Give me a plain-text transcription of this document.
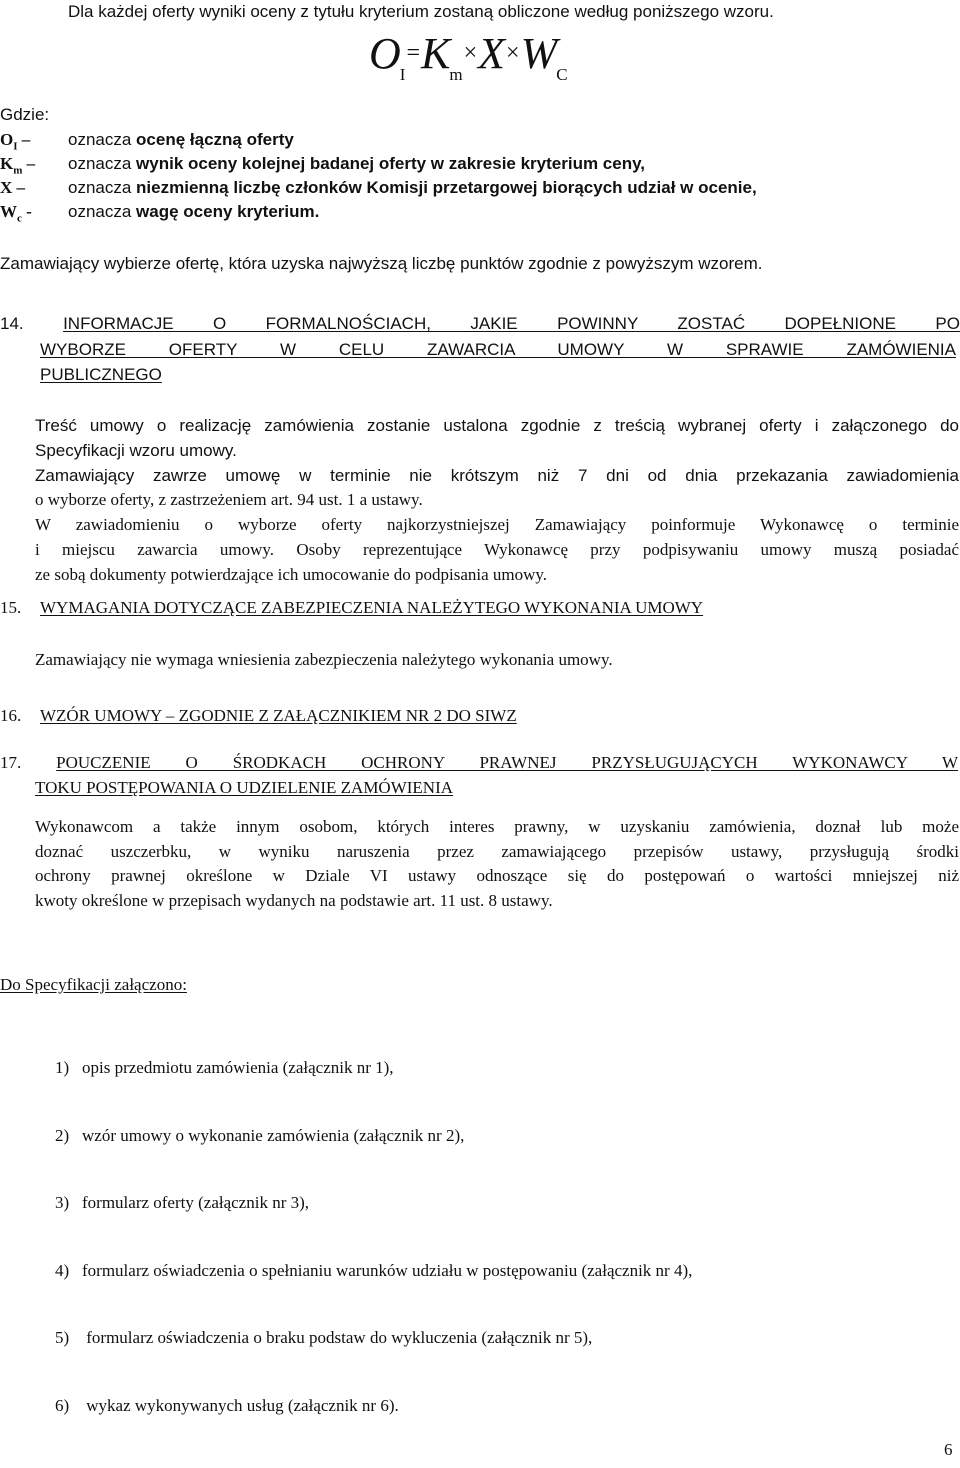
Dla każdej oferty wyniki oceny z tytułu kryterium zostaną obliczone według poniższego wzoru.
$O_I=K_m\times X\times W_C$
Gdzie:
$O_I$ –	oznacza ocenę łączną oferty
$K_m$ –	oznacza wynik oceny kolejnej badanej oferty w zakresie kryterium ceny,
X –	oznacza niezmienną liczbę członków Komisji przetargowej biorących udział w ocenie,
$W_c$ -	oznacza wagę oceny kryterium.
Zamawiający wybierze ofertę, która uzyska najwyższą liczbę punktów zgodnie z powyższym wzorem.
14. INFORMACJE O FORMALNOŚCIACH, JAKIE POWINNY ZOSTAĆ DOPEŁNIONE PO
WYBORZE OFERTY W CELU ZAWARCIA UMOWY W SPRAWIE ZAMÓWIENIA
PUBLICZNEGO
Treść umowy o realizację zamówienia zostanie ustalona zgodnie z treścią wybranej oferty i załączonego do
Specyfikacji wzoru umowy.
Zamawiający zawrze umowę w terminie nie krótszym niż 7 dni od dnia przekazania zawiadomienia
o wyborze oferty, z zastrzeżeniem art. 94 ust. 1 a ustawy.
W zawiadomieniu o wyborze oferty najkorzystniejszej Zamawiający poinformuje Wykonawcę o terminie
i miejscu zawarcia umowy. Osoby reprezentujące Wykonawcę przy podpisywaniu umowy muszą posiadać
ze sobą dokumenty potwierdzające ich umocowanie do podpisania umowy.
15. WYMAGANIA DOTYCZĄCE ZABEZPIECZENIA NALEŻYTEGO WYKONANIA UMOWY
Zamawiający nie wymaga wniesienia zabezpieczenia należytego wykonania umowy.
16. WZÓR UMOWY – ZGODNIE Z ZAŁĄCZNIKIEM NR 2 DO SIWZ
17. POUCZENIE O ŚRODKACH OCHRONY PRAWNEJ PRZYSŁUGUJĄCYCH WYKONAWCY W
TOKU POSTĘPOWANIA O UDZIELENIE ZAMÓWIENIA
Wykonawcom a także innym osobom, których interes prawny, w uzyskaniu zamówienia, doznał lub może
doznać uszczerbku, w wyniku naruszenia przez zamawiającego przepisów ustawy, przysługują środki
ochrony prawnej określone w Dziale VI ustawy odnoszące się do postępowań o wartości mniejszej niż
kwoty określone w przepisach wydanych na podstawie art. 11 ust. 8 ustawy.
Do Specyfikacji załączono:

1) opis przedmiotu zamówienia (załącznik nr 1),

2) wzór umowy o wykonanie zamówienia (załącznik nr 2),

3) formularz oferty (załącznik nr 3),

4) formularz oświadczenia o spełnianiu warunków udziału w postępowaniu (załącznik nr 4),

5) formularz oświadczenia o braku podstaw do wykluczenia (załącznik nr 5),

6) wykaz wykonywanych usług (załącznik nr 6).

6
